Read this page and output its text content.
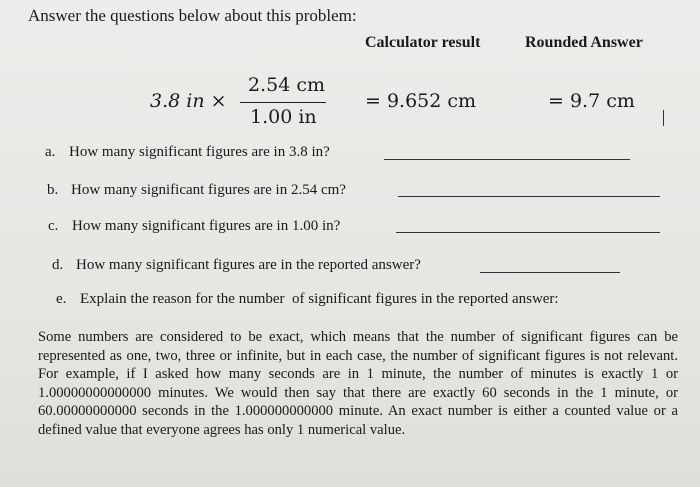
Answer the questions below about this problem:
Calculator result	Rounded Answer
3.8 in ×
2.54 cm
1.00 in
= 9.652 cm	= 9.7 cm
a. How many significant figures are in 3.8 in?
b. How many significant figures are in 2.54 cm?
c. How many significant figures are in 1.00 in?
d. How many significant figures are in the reported answer?
e. Explain the reason for the number  of significant figures in the reported answer:
Some numbers are considered to be exact, which means that the number of significant figures can be represented as one, two, three or infinite, but in each case, the number of significant figures is not relevant. For example, if I asked how many seconds are in 1 minute, the number of minutes is exactly 1 or 1.00000000000000 minutes. We would then say that there are exactly 60 seconds in the 1 minute, or 60.00000000000 seconds in the 1.000000000000 minute. An exact number is either a counted value or a defined value that everyone agrees has only 1 numerical value.
